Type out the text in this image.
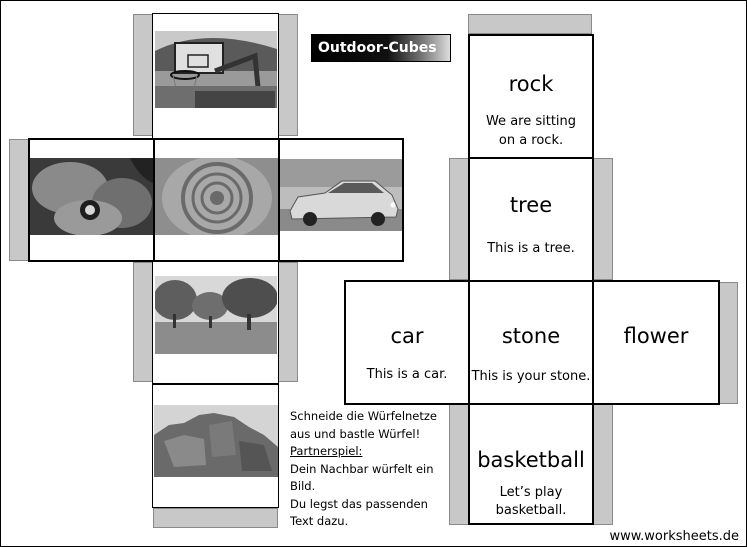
Outdoor-Cubes
Schneide die Würfelnetze
aus und bastle Würfel!
Partnerspiel:
Dein Nachbar würfelt ein
Bild.
Du legst das passenden
Text dazu.
rock
We are sitting
on a rock.
tree
This is a tree.
car
This is a car.
stone
This is your stone.
flower
basketball
Let’s play
basketball.
www.worksheets.de
